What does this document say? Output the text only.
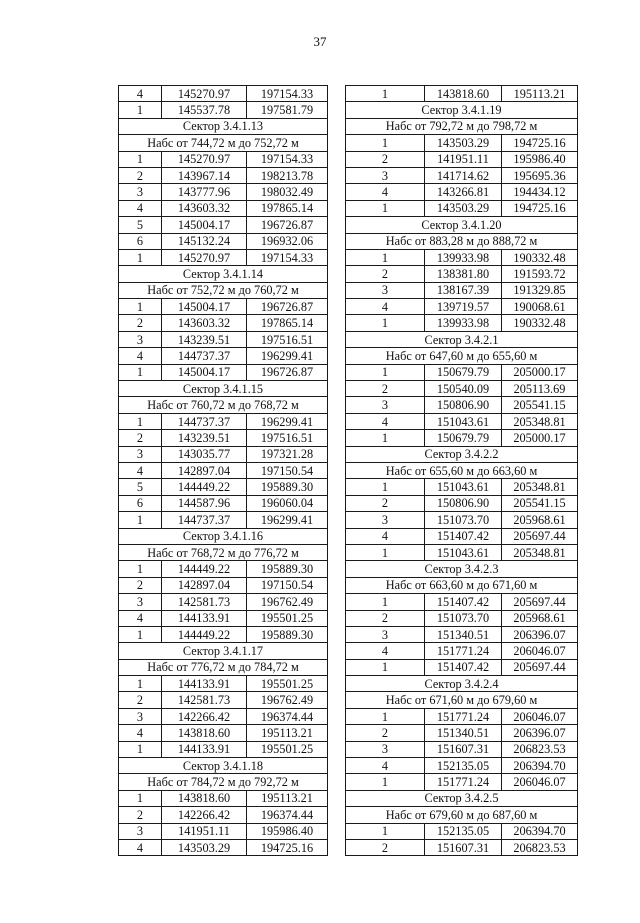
37
4	145270.97	197154.33
1	145537.78	197581.79
Сектор 3.4.1.13		
Набс от 744,72 м до 752,72 м		
1	145270.97	197154.33
2	143967.14	198213.78
3	143777.96	198032.49
4	143603.32	197865.14
5	145004.17	196726.87
6	145132.24	196932.06
1	145270.97	197154.33
Сектор 3.4.1.14		
Набс от 752,72 м до 760,72 м		
1	145004.17	196726.87
2	143603.32	197865.14
3	143239.51	197516.51
4	144737.37	196299.41
1	145004.17	196726.87
Сектор 3.4.1.15		
Набс от 760,72 м до 768,72 м		
1	144737.37	196299.41
2	143239.51	197516.51
3	143035.77	197321.28
4	142897.04	197150.54
5	144449.22	195889.30
6	144587.96	196060.04
1	144737.37	196299.41
Сектор 3.4.1.16		
Набс от 768,72 м до 776,72 м		
1	144449.22	195889.30
2	142897.04	197150.54
3	142581.73	196762.49
4	144133.91	195501.25
1	144449.22	195889.30
Сектор 3.4.1.17		
Набс от 776,72 м до 784,72 м		
1	144133.91	195501.25
2	142581.73	196762.49
3	142266.42	196374.44
4	143818.60	195113.21
1	144133.91	195501.25
Сектор 3.4.1.18		
Набс от 784,72 м до 792,72 м		
1	143818.60	195113.21
2	142266.42	196374.44
3	141951.11	195986.40
4	143503.29	194725.16
1	143818.60	195113.21
Сектор 3.4.1.19		
Набс от 792,72 м до 798,72 м		
1	143503.29	194725.16
2	141951.11	195986.40
3	141714.62	195695.36
4	143266.81	194434.12
1	143503.29	194725.16
Сектор 3.4.1.20		
Набс от 883,28 м до 888,72 м		
1	139933.98	190332.48
2	138381.80	191593.72
3	138167.39	191329.85
4	139719.57	190068.61
1	139933.98	190332.48
Сектор 3.4.2.1		
Набс от 647,60 м до 655,60 м		
1	150679.79	205000.17
2	150540.09	205113.69
3	150806.90	205541.15
4	151043.61	205348.81
1	150679.79	205000.17
Сектор 3.4.2.2		
Набс от 655,60 м до 663,60 м		
1	151043.61	205348.81
2	150806.90	205541.15
3	151073.70	205968.61
4	151407.42	205697.44
1	151043.61	205348.81
Сектор 3.4.2.3		
Набс от 663,60 м до 671,60 м		
1	151407.42	205697.44
2	151073.70	205968.61
3	151340.51	206396.07
4	151771.24	206046.07
1	151407.42	205697.44
Сектор 3.4.2.4		
Набс от 671,60 м до 679,60 м		
1	151771.24	206046.07
2	151340.51	206396.07
3	151607.31	206823.53
4	152135.05	206394.70
1	151771.24	206046.07
Сектор 3.4.2.5		
Набс от 679,60 м до 687,60 м		
1	152135.05	206394.70
2	151607.31	206823.53
